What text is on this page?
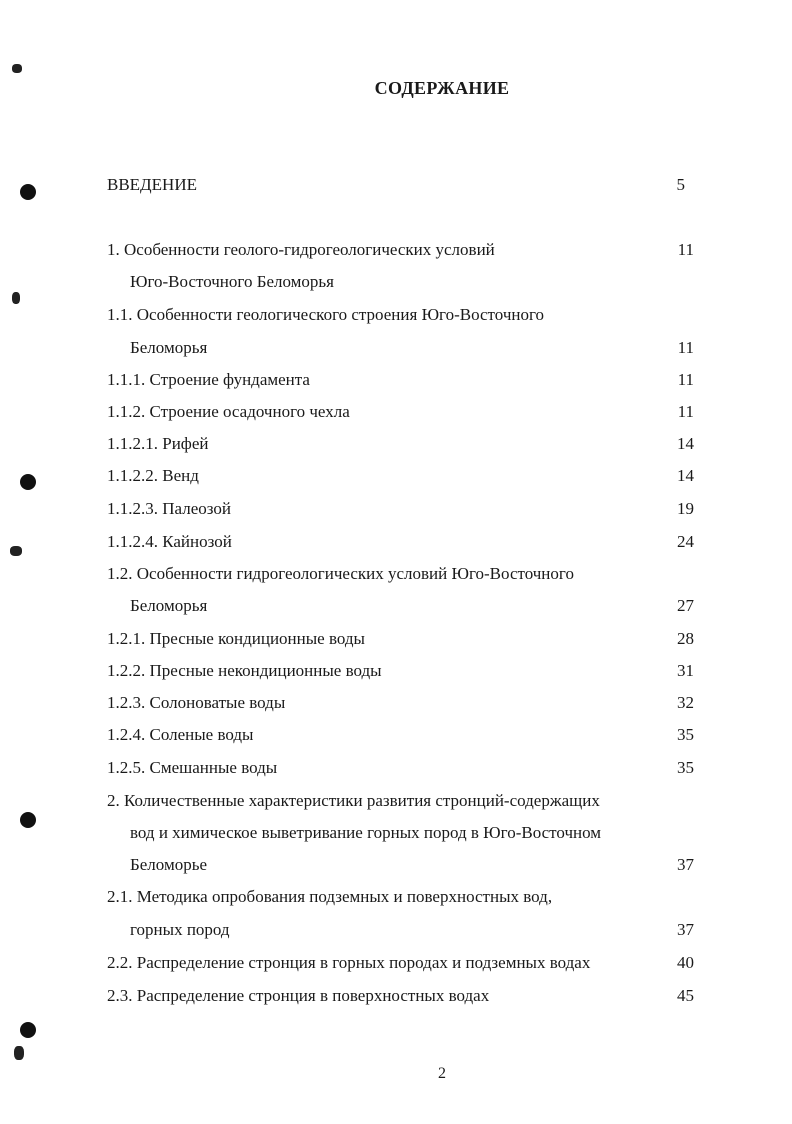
СОДЕРЖАНИЕ
ВВЕДЕНИЕ	5
1. Особенности геолого-гидрогеологических условий	11
Юго-Восточного Беломорья
1.1. Особенности геологического строения Юго-Восточного
Беломорья	11
1.1.1. Строение фундамента	11
1.1.2. Строение осадочного чехла	11
1.1.2.1. Рифей	14
1.1.2.2. Венд	14
1.1.2.3. Палеозой	19
1.1.2.4. Кайнозой	24
1.2. Особенности гидрогеологических условий Юго-Восточного
Беломорья	27
1.2.1. Пресные кондиционные воды	28
1.2.2. Пресные некондиционные воды	31
1.2.3. Солоноватые воды	32
1.2.4. Соленые воды	35
1.2.5. Смешанные воды	35
2. Количественные характеристики развития стронций-содержащих
вод и химическое выветривание горных пород в Юго-Восточном
Беломорье	37
2.1. Методика опробования подземных и поверхностных вод,
горных пород	37
2.2. Распределение стронция в горных породах и подземных водах	40
2.3. Распределение стронция в поверхностных водах	45
2
